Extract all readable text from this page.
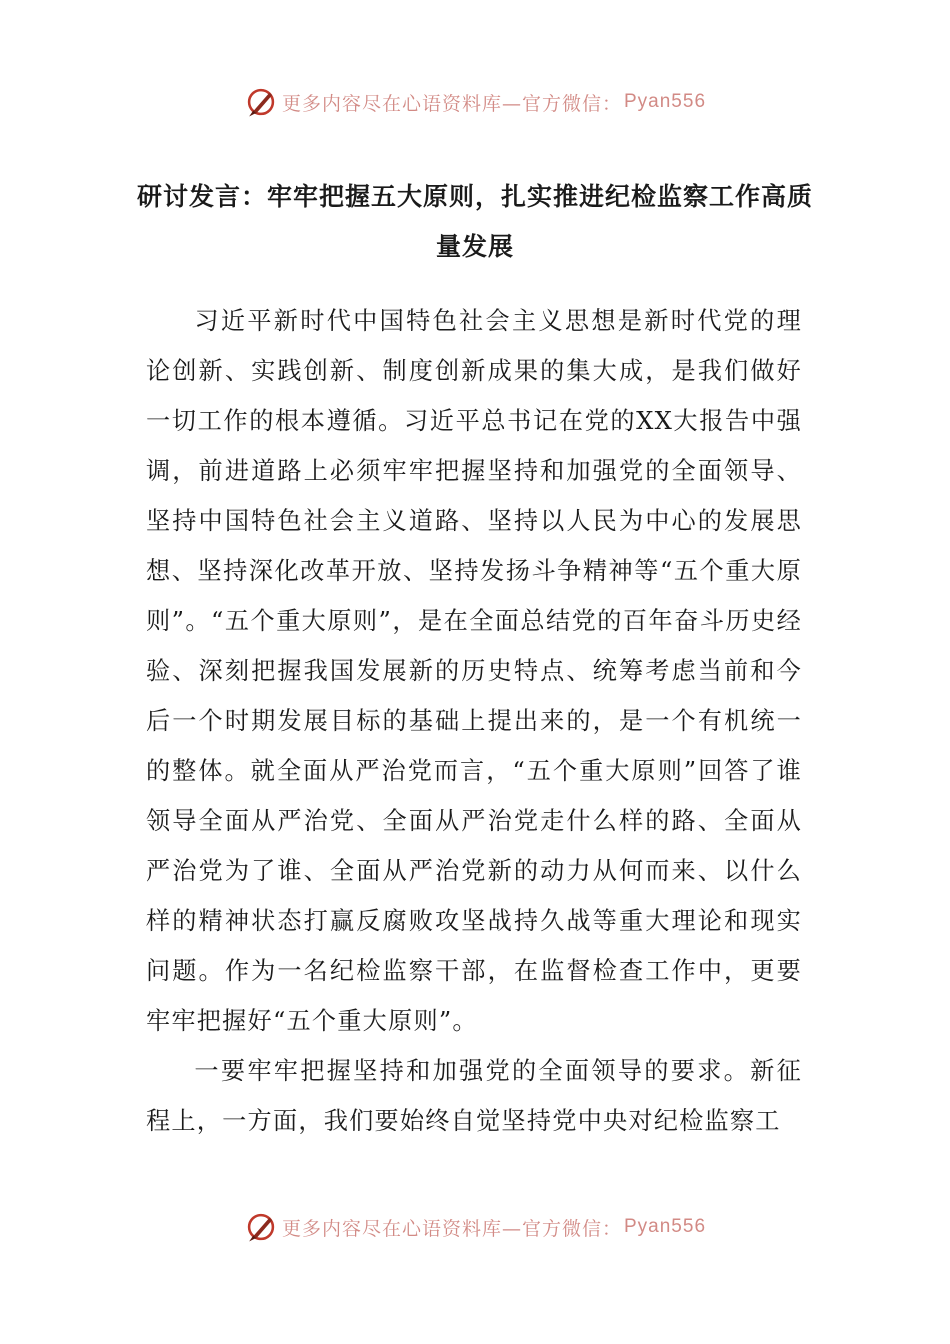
更多内容尽在心语资料库—官方微信： Pyan556
研讨发言：牢牢把握五大原则，扎实推进纪检监察工作高质量发展

习近平新时代中国特色社会主义思想是新时代党的理论创新、实践创新、制度创新成果的集大成，是我们做好一切工作的根本遵循。习近平总书记在党的XX大报告中强调，前进道路上必须牢牢把握坚持和加强党的全面领导、坚持中国特色社会主义道路、坚持以人民为中心的发展思想、坚持深化改革开放、坚持发扬斗争精神等“五个重大原则”。“五个重大原则”，是在全面总结党的百年奋斗历史经验、深刻把握我国发展新的历史特点、统筹考虑当前和今后一个时期发展目标的基础上提出来的，是一个有机统一的整体。就全面从严治党而言，“五个重大原则”回答了谁领导全面从严治党、全面从严治党走什么样的路、全面从严治党为了谁、全面从严治党新的动力从何而来、以什么样的精神状态打赢反腐败攻坚战持久战等重大理论和现实问题。作为一名纪检监察干部，在监督检查工作中，更要牢牢把握好“五个重大原则”。

一要牢牢把握坚持和加强党的全面领导的要求。新征程上，一方面，我们要始终自觉坚持党中央对纪检监察工

更多内容尽在心语资料库—官方微信： Pyan556
